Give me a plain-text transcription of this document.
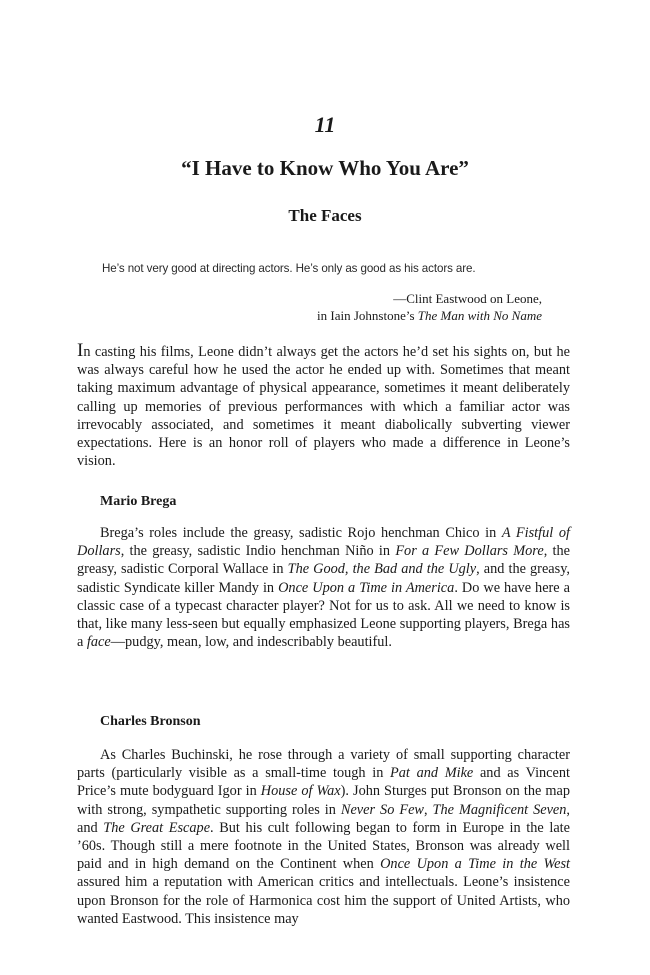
11
“I Have to Know Who You Are”
The Faces
He’s not very good at directing actors. He’s only as good as his actors are.
—Clint Eastwood on Leone,
in Iain Johnstone’s The Man with No Name

In casting his films, Leone didn’t always get the actors he’d set his sights on, but he was always careful how he used the actor he ended up with. Sometimes that meant taking maximum advantage of physical appearance, sometimes it meant deliberately calling up memories of previous performances with which a familiar actor was irrevocably associated, and sometimes it meant diabolically subverting viewer expectations. Here is an honor roll of players who made a difference in Leone’s vision.

Mario Brega

Brega’s roles include the greasy, sadistic Rojo henchman Chico in A Fistful of Dollars, the greasy, sadistic Indio henchman Niño in For a Few Dollars More, the greasy, sadistic Corporal Wallace in The Good, the Bad and the Ugly, and the greasy, sadistic Syndicate killer Mandy in Once Upon a Time in America. Do we have here a classic case of a typecast character player? Not for us to ask. All we need to know is that, like many less-seen but equally emphasized Leone supporting players, Brega has a face—pudgy, mean, low, and indescribably beautiful.

Charles Bronson

As Charles Buchinski, he rose through a variety of small supporting character parts (particularly visible as a small-time tough in Pat and Mike and as Vincent Price’s mute bodyguard Igor in House of Wax). John Sturges put Bronson on the map with strong, sympathetic supporting roles in Never So Few, The Magnificent Seven, and The Great Escape. But his cult following began to form in Europe in the late ’60s. Though still a mere footnote in the United States, Bronson was already well paid and in high demand on the Continent when Once Upon a Time in the West assured him a reputation with American critics and intellectuals. Leone’s insistence upon Bronson for the role of Harmonica cost him the support of United Artists, who wanted Eastwood. This insistence may
